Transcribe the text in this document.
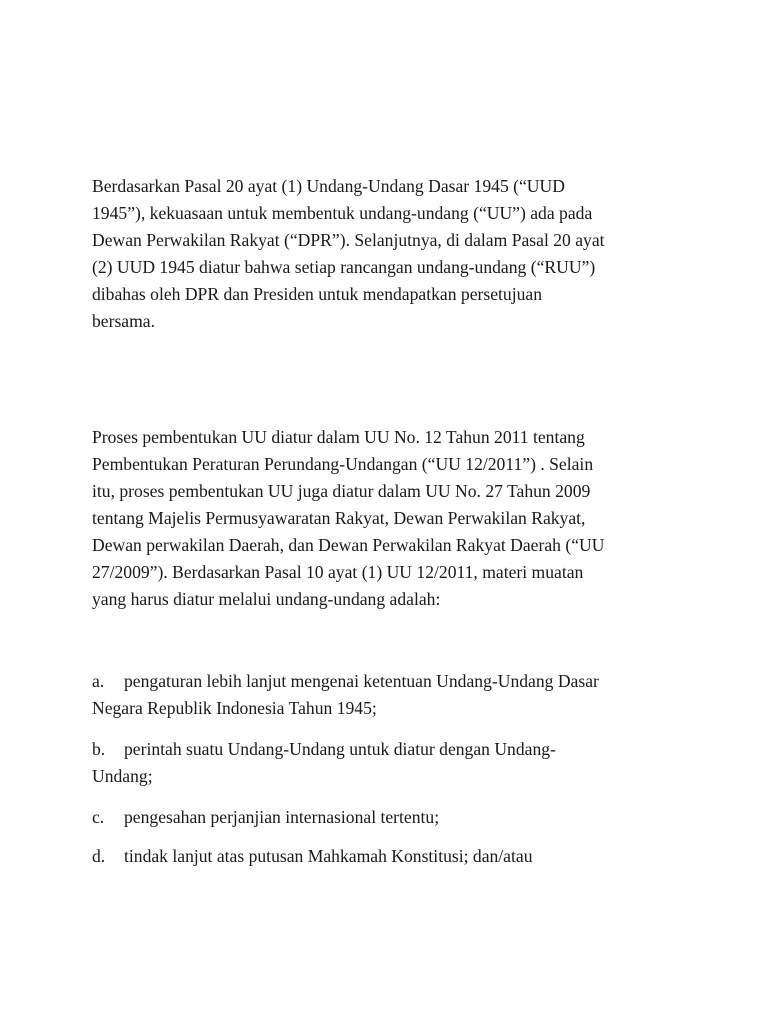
Berdasarkan Pasal 20 ayat (1) Undang-Undang Dasar 1945 (“UUD
1945”), kekuasaan untuk membentuk undang-undang (“UU”) ada pada
Dewan Perwakilan Rakyat (“DPR”). Selanjutnya, di dalam Pasal 20 ayat
(2) UUD 1945 diatur bahwa setiap rancangan undang-undang (“RUU”)
dibahas oleh DPR dan Presiden untuk mendapatkan persetujuan
bersama.

Proses pembentukan UU diatur dalam UU No. 12 Tahun 2011 tentang
Pembentukan Peraturan Perundang-Undangan (“UU 12/2011”) . Selain
itu, proses pembentukan UU juga diatur dalam UU No. 27 Tahun 2009
tentang Majelis Permusyawaratan Rakyat, Dewan Perwakilan Rakyat,
Dewan perwakilan Daerah, dan Dewan Perwakilan Rakyat Daerah (“UU
27/2009”). Berdasarkan Pasal 10 ayat (1) UU 12/2011, materi muatan
yang harus diatur melalui undang-undang adalah:

a. pengaturan lebih lanjut mengenai ketentuan Undang-Undang Dasar
Negara Republik Indonesia Tahun 1945;
b. perintah suatu Undang-Undang untuk diatur dengan Undang-
Undang;
c. pengesahan perjanjian internasional tertentu;
d. tindak lanjut atas putusan Mahkamah Konstitusi; dan/atau
